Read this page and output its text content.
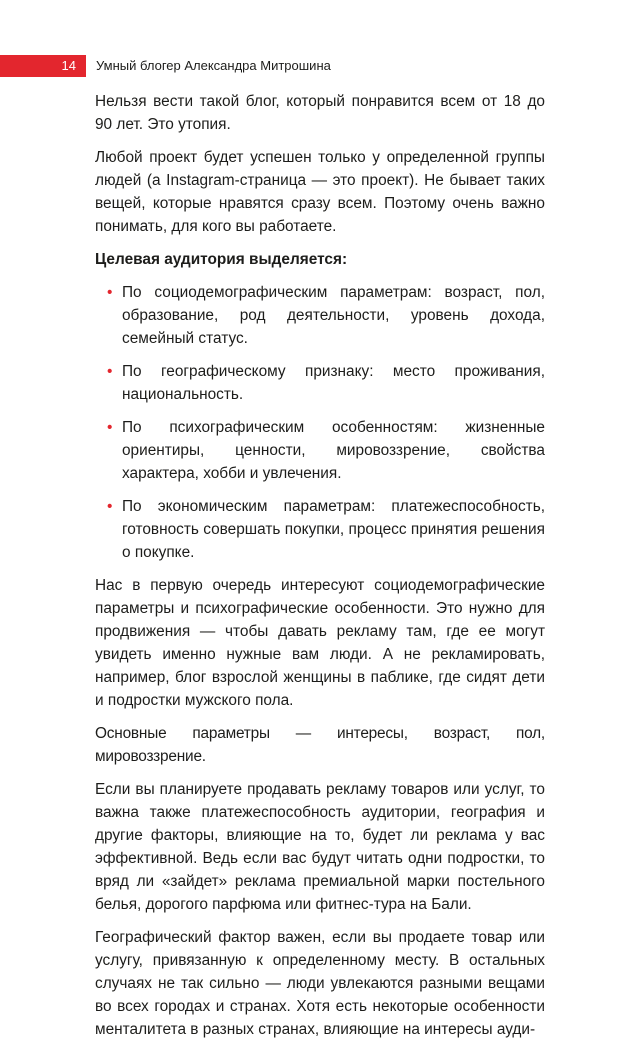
14 Умный блогер Александра Митрошина

Нельзя вести такой блог, который понравится всем от 18 до 90 лет. Это утопия.

Любой проект будет успешен только у определенной группы людей (а Instagram-страница — это проект). Не бывает таких вещей, которые нравятся сразу всем. Поэтому очень важно понимать, для кого вы работаете.

Целевая аудитория выделяется:
• По социодемографическим параметрам: возраст, пол, образование, род деятельности, уровень дохода, семейный статус.
• По географическому признаку: место проживания, национальность.
• По психографическим особенностям: жизненные ориентиры, ценности, мировоззрение, свойства характера, хобби и увлечения.
• По экономическим параметрам: платежеспособность, готовность совершать покупки, процесс принятия решения о покупке.

Нас в первую очередь интересуют социодемографические параметры и психографические особенности. Это нужно для продвижения — чтобы давать рекламу там, где ее могут увидеть именно нужные вам люди. А не рекламировать, например, блог взрослой женщины в паблике, где сидят дети и подростки мужского пола.

Основные параметры — интересы, возраст, пол, мировоззрение.

Если вы планируете продавать рекламу товаров или услуг, то важна также платежеспособность аудитории, география и другие факторы, влияющие на то, будет ли реклама у вас эффективной. Ведь если вас будут читать одни подростки, то вряд ли «зайдет» реклама премиальной марки постельного белья, дорогого парфюма или фитнес-тура на Бали.

Географический фактор важен, если вы продаете товар или услугу, привязанную к определенному месту. В остальных случаях не так сильно — люди увлекаются разными вещами во всех городах и странах. Хотя есть некоторые особенности менталитета в разных странах, влияющие на интересы ауди-
